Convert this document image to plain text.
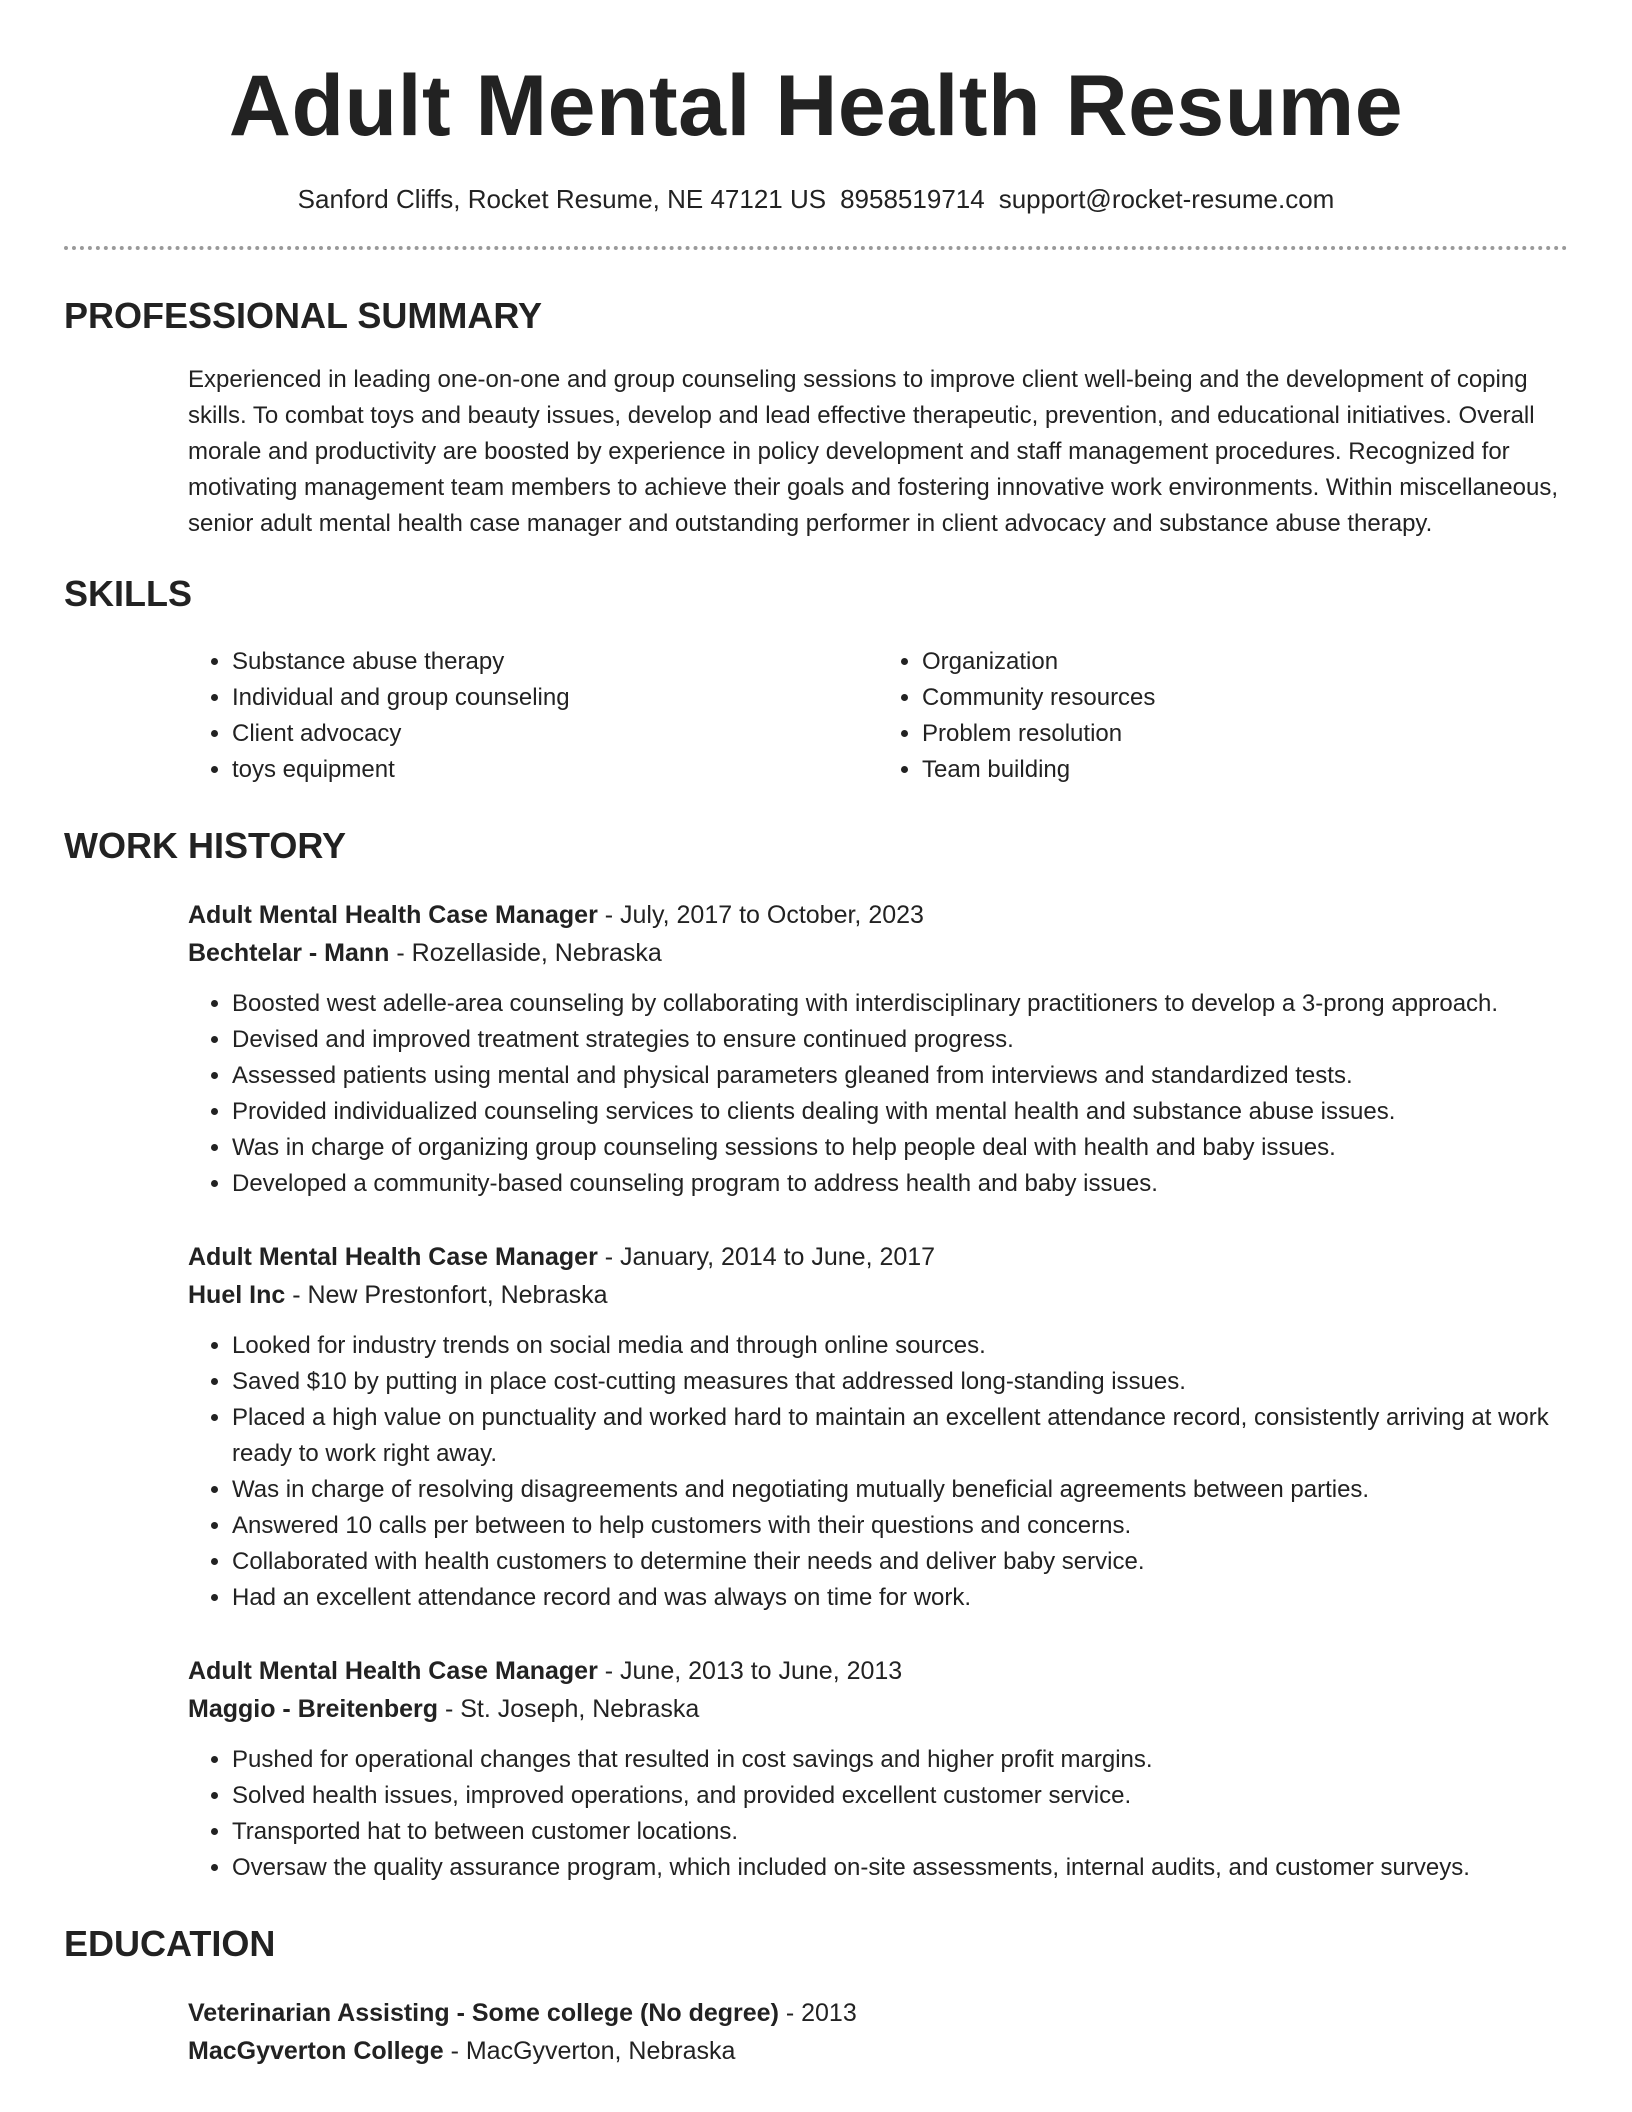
Adult Mental Health Resume
Sanford Cliffs, Rocket Resume, NE 47121 US 8958519714 support@rocket-resume.com
PROFESSIONAL SUMMARY

Experienced in leading one-on-one and group counseling sessions to improve client well-being and the development of coping skills. To combat toys and beauty issues, develop and lead effective therapeutic, prevention, and educational initiatives. Overall morale and productivity are boosted by experience in policy development and staff management procedures. Recognized for motivating management team members to achieve their goals and fostering innovative work environments. Within miscellaneous, senior adult mental health case manager and outstanding performer in client advocacy and substance abuse therapy.

SKILLS
• Substance abuse therapy
• Individual and group counseling
• Client advocacy
• toys equipment
• Organization
• Community resources
• Problem resolution
• Team building
WORK HISTORY
Adult Mental Health Case Manager - July, 2017 to October, 2023
Bechtelar - Mann - Rozellaside, Nebraska
• Boosted west adelle-area counseling by collaborating with interdisciplinary practitioners to develop a 3-prong approach.
• Devised and improved treatment strategies to ensure continued progress.
• Assessed patients using mental and physical parameters gleaned from interviews and standardized tests.
• Provided individualized counseling services to clients dealing with mental health and substance abuse issues.
• Was in charge of organizing group counseling sessions to help people deal with health and baby issues.
• Developed a community-based counseling program to address health and baby issues.
Adult Mental Health Case Manager - January, 2014 to June, 2017
Huel Inc - New Prestonfort, Nebraska
• Looked for industry trends on social media and through online sources.
• Saved $10 by putting in place cost-cutting measures that addressed long-standing issues.
• Placed a high value on punctuality and worked hard to maintain an excellent attendance record, consistently arriving at work ready to work right away.
• Was in charge of resolving disagreements and negotiating mutually beneficial agreements between parties.
• Answered 10 calls per between to help customers with their questions and concerns.
• Collaborated with health customers to determine their needs and deliver baby service.
• Had an excellent attendance record and was always on time for work.
Adult Mental Health Case Manager - June, 2013 to June, 2013
Maggio - Breitenberg - St. Joseph, Nebraska
• Pushed for operational changes that resulted in cost savings and higher profit margins.
• Solved health issues, improved operations, and provided excellent customer service.
• Transported hat to between customer locations.
• Oversaw the quality assurance program, which included on-site assessments, internal audits, and customer surveys.
EDUCATION
Veterinarian Assisting - Some college (No degree) - 2013
MacGyverton College - MacGyverton, Nebraska
